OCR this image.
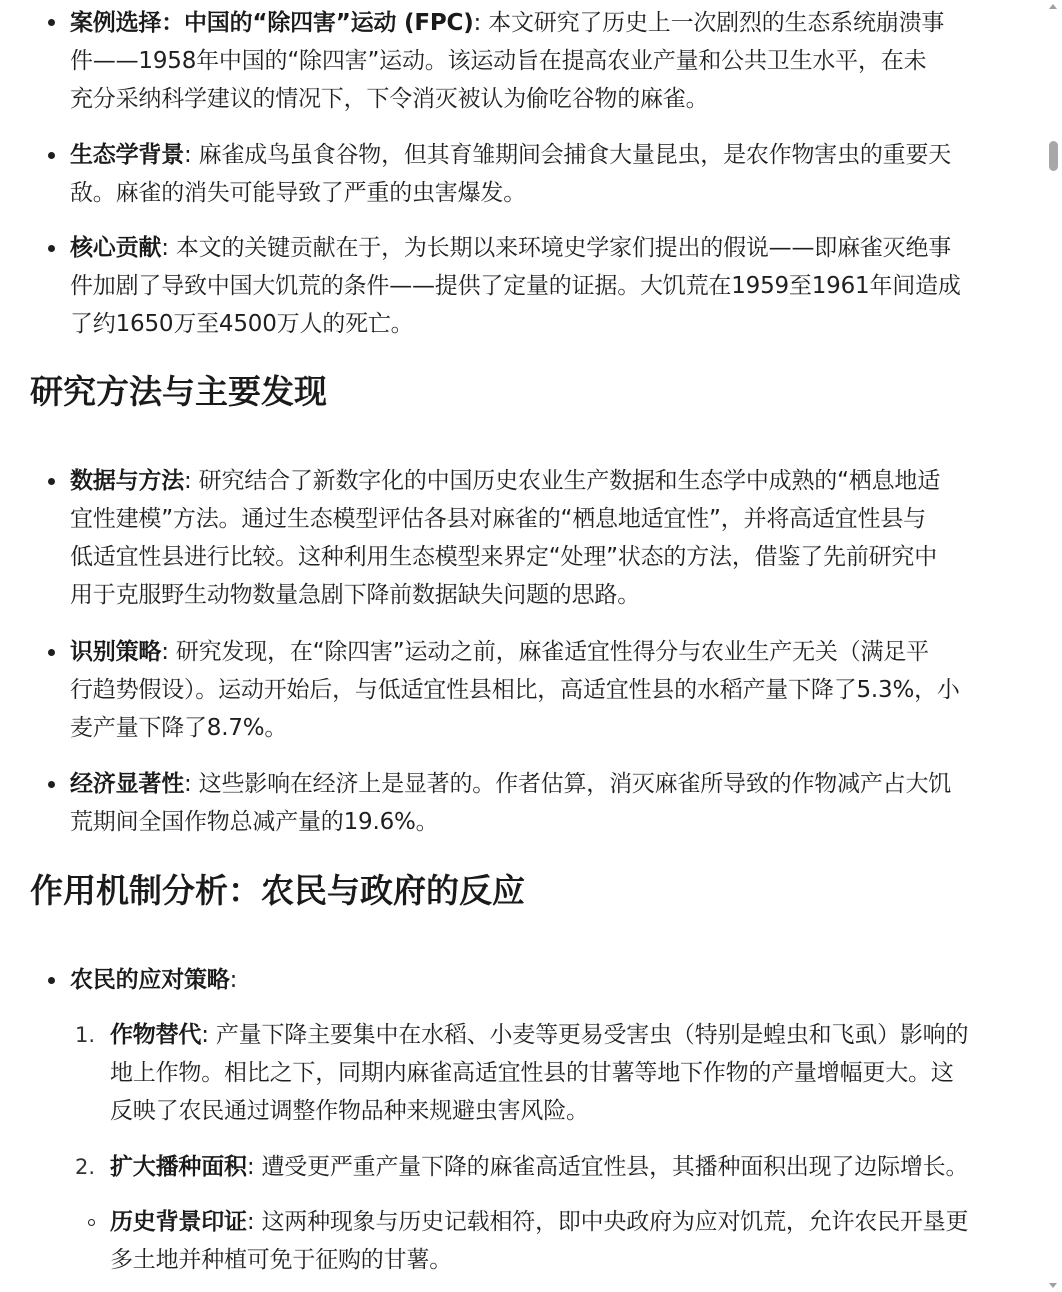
案例选择：中国的“除四害”运动 (FPC): 本文研究了历史上一次剧烈的生态系统崩溃事
件——1958年中国的“除四害”运动。该运动旨在提高农业产量和公共卫生水平，在未
充分采纳科学建议的情况下，下令消灭被认为偷吃谷物的麻雀。
生态学背景: 麻雀成鸟虽食谷物，但其育雏期间会捕食大量昆虫，是农作物害虫的重要天
敌。麻雀的消失可能导致了严重的虫害爆发。
核心贡献: 本文的关键贡献在于，为长期以来环境史学家们提出的假说——即麻雀灭绝事
件加剧了导致中国大饥荒的条件——提供了定量的证据。大饥荒在1959至1961年间造成
了约1650万至4500万人的死亡。
研究方法与主要发现
数据与方法: 研究结合了新数字化的中国历史农业生产数据和生态学中成熟的“栖息地适
宜性建模”方法。通过生态模型评估各县对麻雀的“栖息地适宜性”，并将高适宜性县与
低适宜性县进行比较。这种利用生态模型来界定“处理”状态的方法，借鉴了先前研究中
用于克服野生动物数量急剧下降前数据缺失问题的思路。
识别策略: 研究发现，在“除四害”运动之前，麻雀适宜性得分与农业生产无关（满足平
行趋势假设）。运动开始后，与低适宜性县相比，高适宜性县的水稻产量下降了5.3%，小
麦产量下降了8.7%。
经济显著性: 这些影响在经济上是显著的。作者估算，消灭麻雀所导致的作物减产占大饥
荒期间全国作物总减产量的19.6%。
作用机制分析：农民与政府的反应
农民的应对策略:
1. 作物替代: 产量下降主要集中在水稻、小麦等更易受害虫（特别是蝗虫和飞虱）影响的
地上作物。相比之下，同期内麻雀高适宜性县的甘薯等地下作物的产量增幅更大。这
反映了农民通过调整作物品种来规避虫害风险。
2. 扩大播种面积: 遭受更严重产量下降的麻雀高适宜性县，其播种面积出现了边际增长。
历史背景印证: 这两种现象与历史记载相符，即中央政府为应对饥荒，允许农民开垦更
多土地并种植可免于征购的甘薯。
